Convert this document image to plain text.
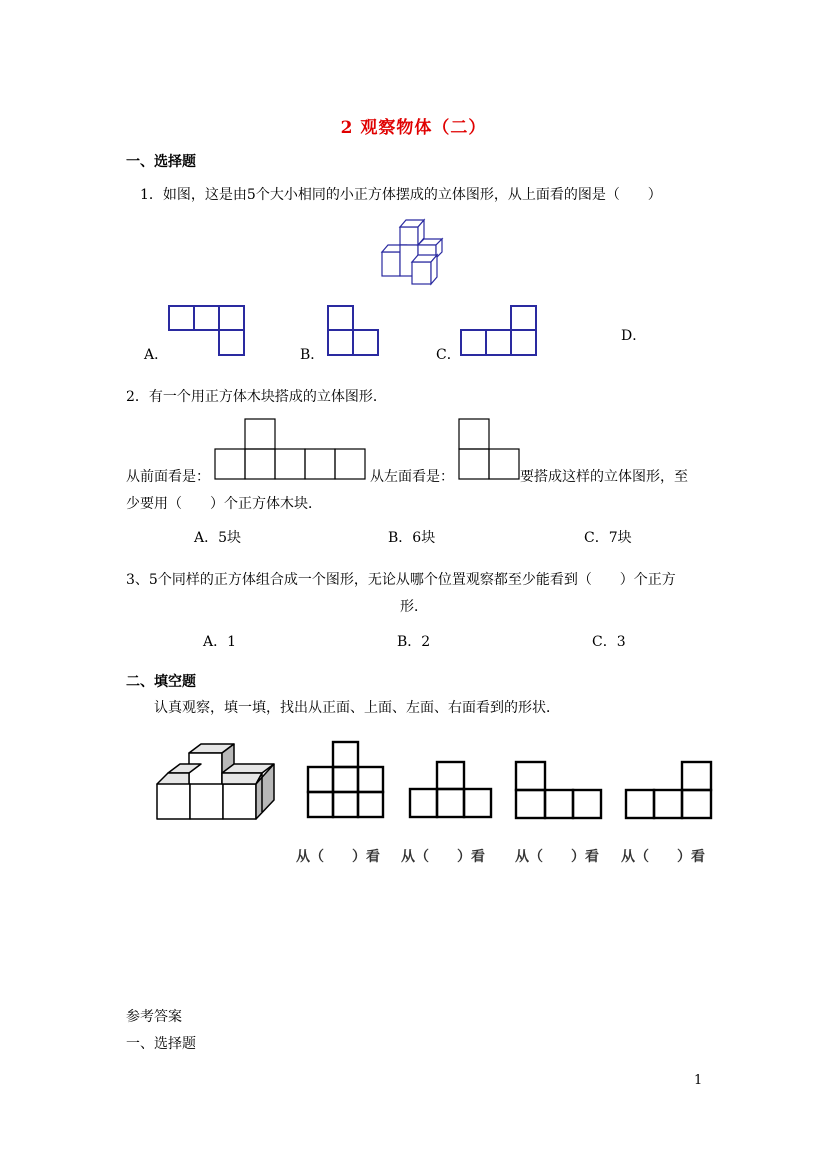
2 观察物体（二）
一、选择题
1．如图，这是由5个大小相同的小正方体摆成的立体图形，从上面看的图是（　　）
A．	B．	C．
D．
2．有一个用正方体木块搭成的立体图形．
从前面看是：	从左面看是：	要搭成这样的立体图形，至
少要用（　　）个正方体木块．
A．5块	B．6块	C．7块
3、5个同样的正方体组合成一个图形，无论从哪个位置观察都至少能看到（　　）个正方
形．
A．1	B．2	C．3
二、填空题
认真观察，填一填，找出从正面、上面、左面、右面看到的形状．
从（　　）看 从（　　）看 从（　　）看 从（　　）看
参考答案
一、选择题
1
